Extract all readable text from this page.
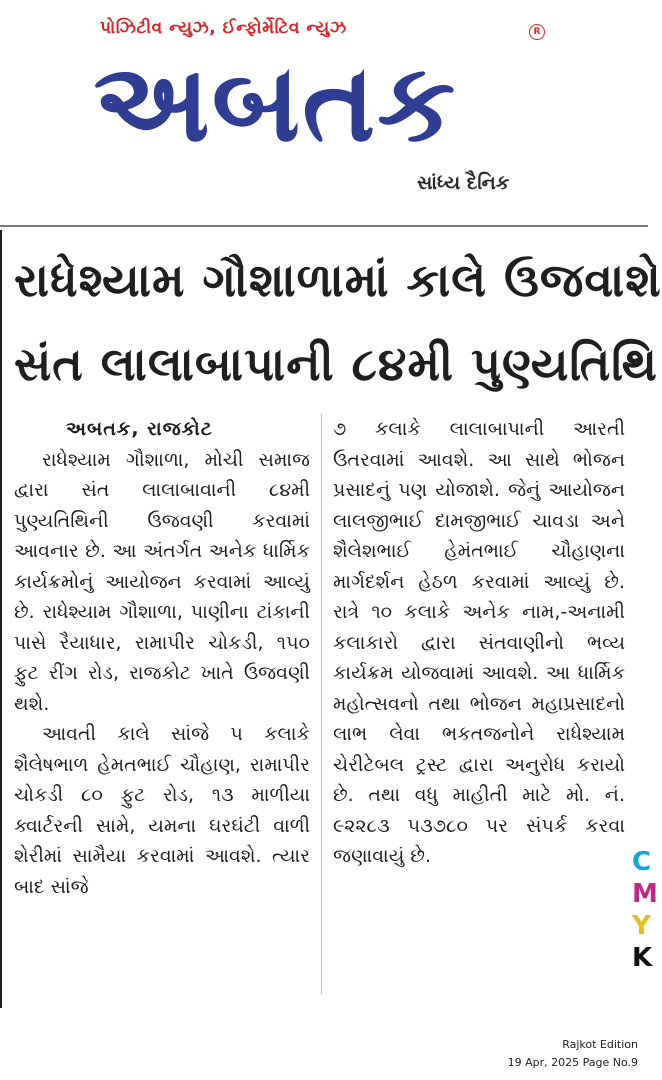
પોઝિટીવ ન્યુઝ, ઈન્ફોર્મેટિવ ન્યુઝ	R
અબતક
સાંધ્ય દૈનિક
રાધેશ્યામ ગૌશાળામાં કાલે ઉજવાશે
સંત લાલાબાપાની ૮૪મી પુણ્યતિથિ

અબતક, રાજકોટ

રાધેશ્યામ ગૌશાળા, મોચી સમાજ દ્વારા સંત લાલાબાવાની ૮૪મી પુણ્યતિથિની ઉજવણી કરવામાં આવનાર છે. આ અંતર્ગત અનેક ધાર્મિક કાર્યક્રમોનું આયોજન કરવામાં આવ્યું છે. રાધેશ્યામ ગૌશાળા, પાણીના ટાંકાની પાસે રૈયાધાર, રામાપીર ચોકડી, ૧૫૦ ફુટ રીંગ રોડ, રાજકોટ ખાતે ઉજવણી થશે.

આવતી કાલે સાંજે ૫ કલાકે શૈલેષભાળ હેમતભાઈ ચૌહાણ, રામાપીર ચોકડી ૮૦ ફુટ રોડ, ૧૩ માળીયા ક્વાર્ટરની સામે, યમના ઘરઘંટી વાળી શેરીમાં સામૈયા કરવામાં આવશે. ત્યાર બાદ સાંજે

૭ કલાકે લાલાબાપાની આરતી ઉતરવામાં આવશે. આ સાથે ભોજન પ્રસાદનું પણ યોજાશે. જેનું આયોજન લાલજીભાઈ દામજીભાઈ ચાવડા અને શૈલેશભાઈ હેમંતભાઈ ચૌહાણના માર્ગદર્શન હેઠળ કરવામાં આવ્યું છે. રાત્રે ૧૦ કલાકે અનેક નામ,-અનામી કલાકારો દ્વારા સંતવાણીનો ભવ્ય કાર્યક્રમ યોજવામાં આવશે. આ ધાર્મિક મહોત્સવનો તથા ભોજન મહાપ્રસાદનો લાભ લેવા ભકતજનોને રાધેશ્યામ ચેરીટેબલ ટ્રસ્ટ દ્વારા અનુરોધ કરાયો છે. તથા વધુ માહીતી માટે મો. નં. ૯૨૨૮૩ ૫૩૭૮૦ પર સંપર્ક કરવા જણાવાયું છે.	C
M
Y
K
Rajkot Edition
19 Apr, 2025 Page No.9
